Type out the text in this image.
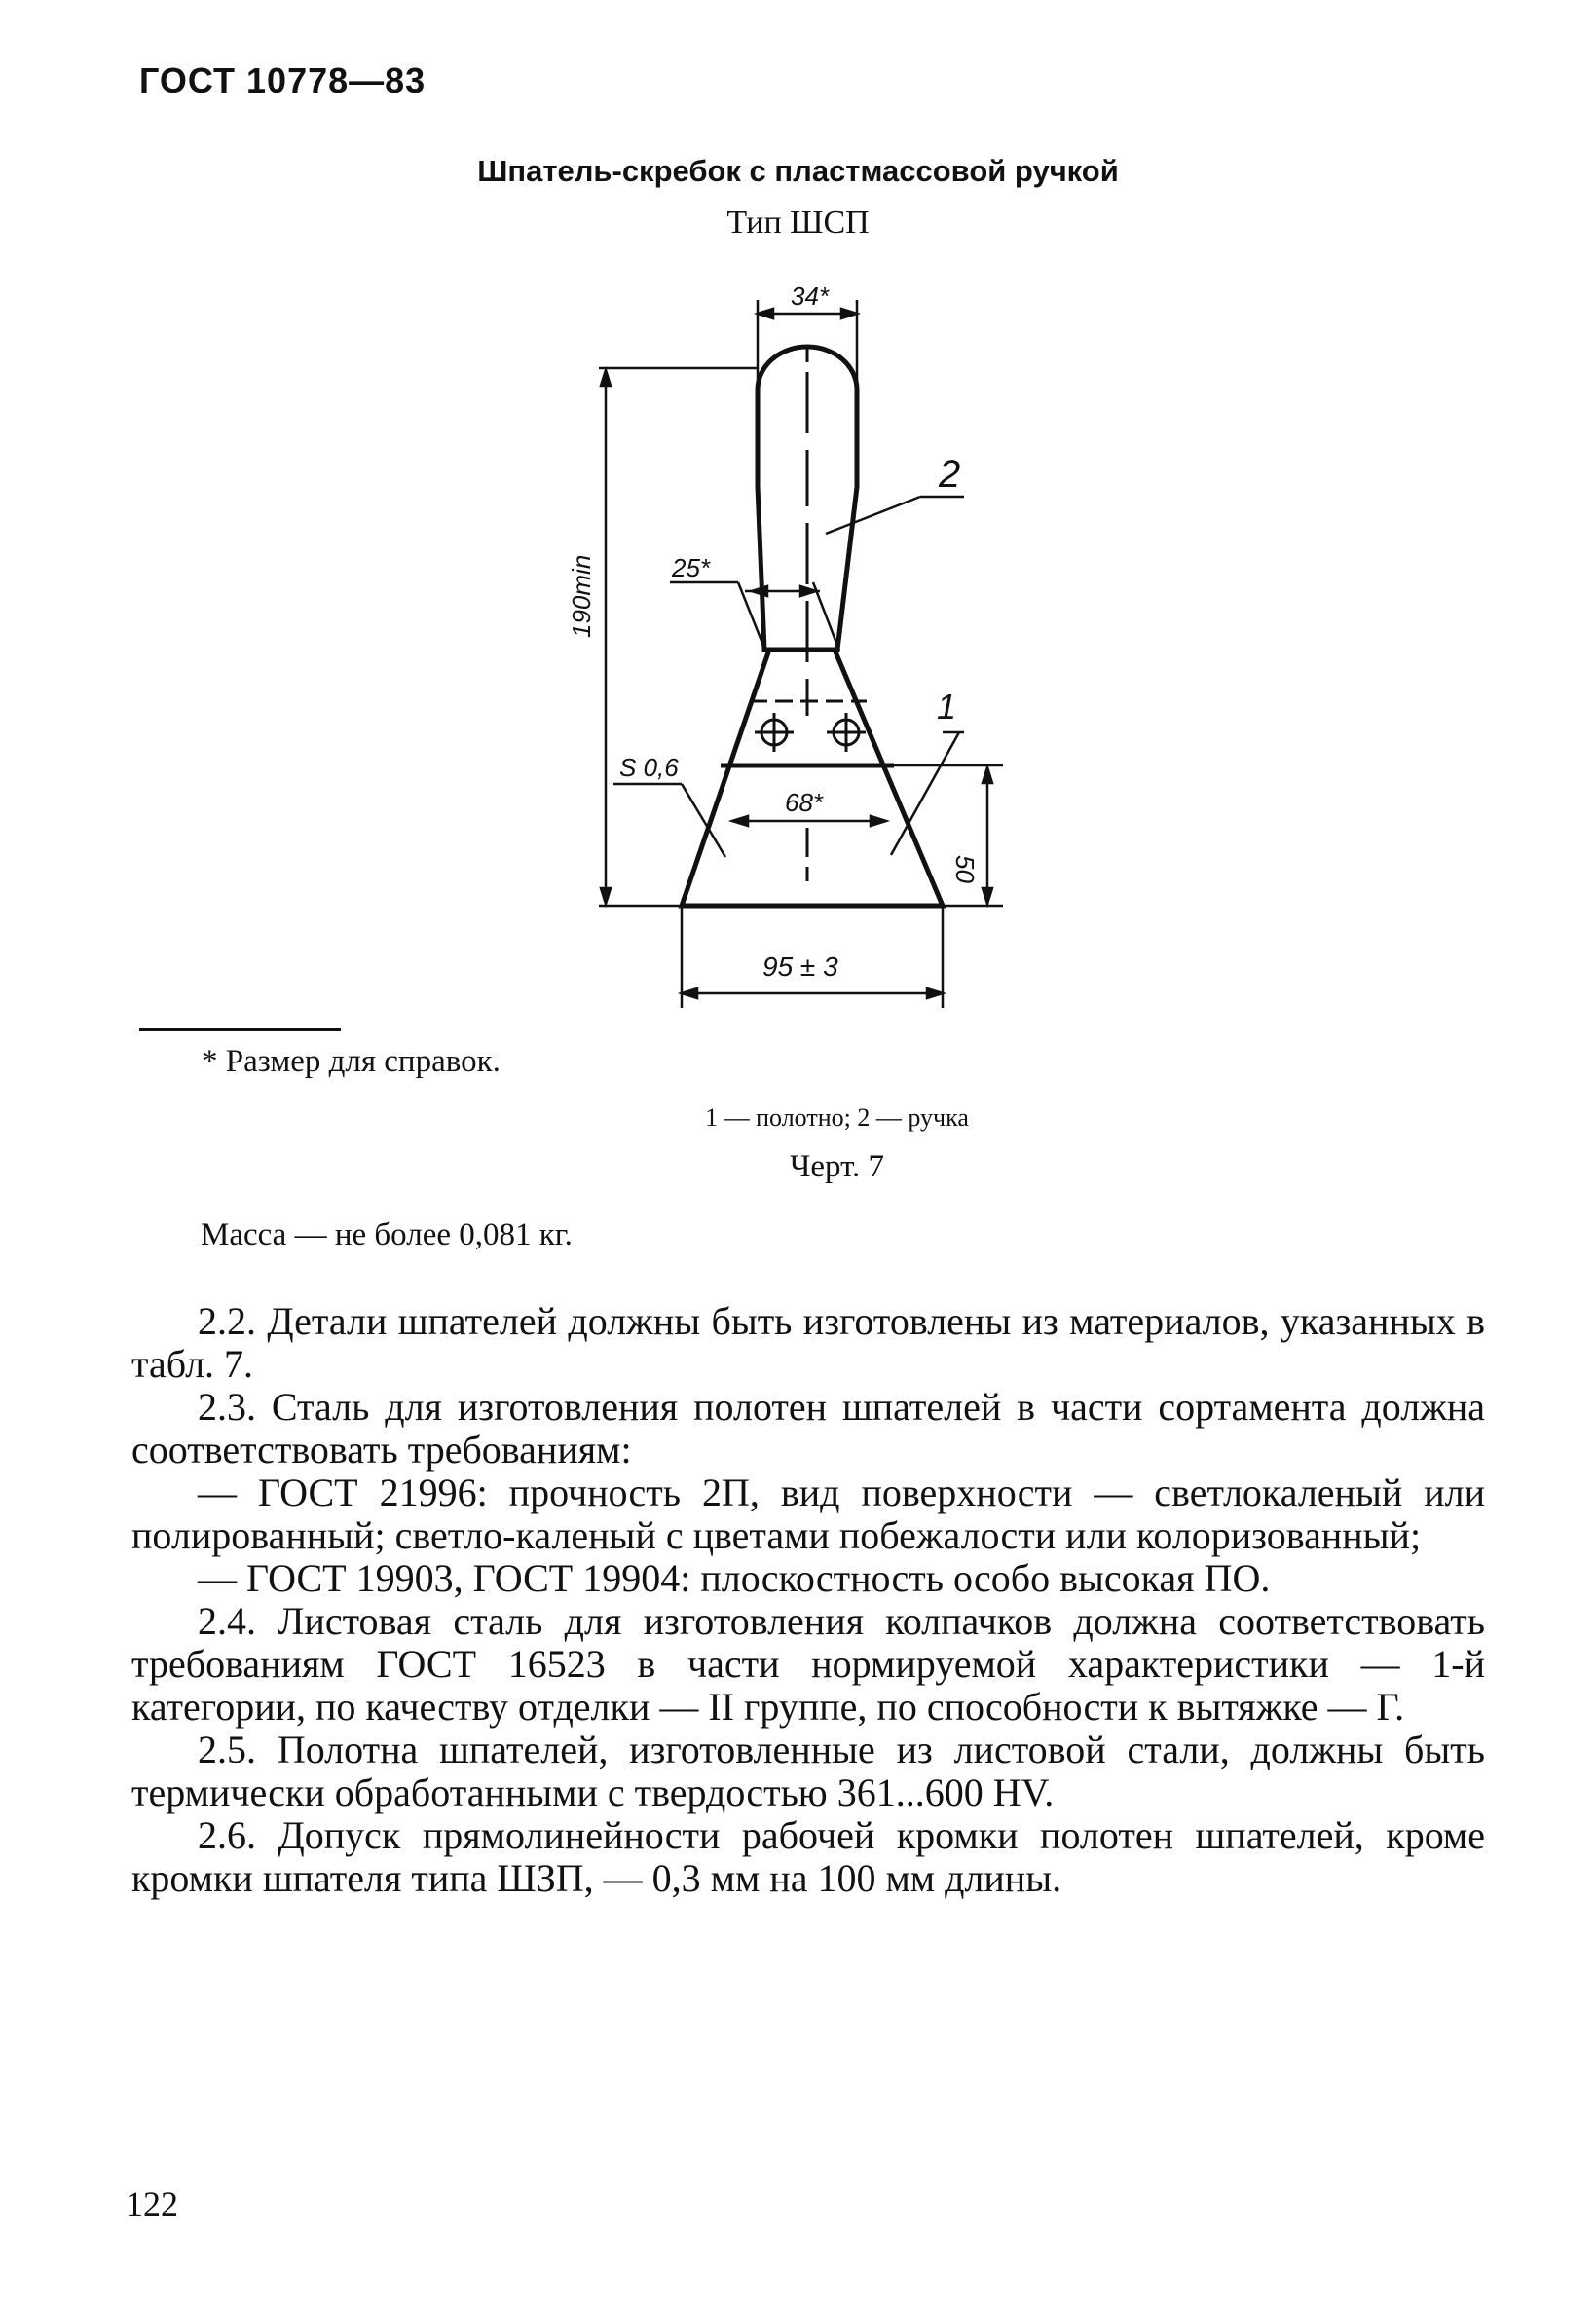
ГОСТ 10778—83
Шпатель-скребок с пластмассовой ручкой
Тип ШСП
34*
190min	25*
S 0,6
68*
50
95 ± 3
1
2
* Размер для справок.
1 — полотно; 2 — ручка
Черт. 7
Масса — не более 0,081 кг.

2.2. Детали шпателей должны быть изготовлены из материалов, указанных в табл. 7.

2.3. Сталь для изготовления полотен шпателей в части сортамента должна соответствовать требованиям:

— ГОСТ 21996: прочность 2П, вид поверхности — светлокаленый или полированный; светло-каленый с цветами побежалости или колоризованный;

— ГОСТ 19903, ГОСТ 19904: плоскостность особо высокая ПО.

2.4. Листовая сталь для изготовления колпачков должна соответствовать требованиям ГОСТ 16523 в части нормируемой характеристики — 1-й категории, по качеству отделки — II группе, по способности к вытяжке — Г.

2.5. Полотна шпателей, изготовленные из листовой стали, должны быть термически обработанными с твердостью 361...600 HV.

2.6. Допуск прямолинейности рабочей кромки полотен шпателей, кроме кромки шпателя типа ШЗП, — 0,3 мм на 100 мм длины.

122
